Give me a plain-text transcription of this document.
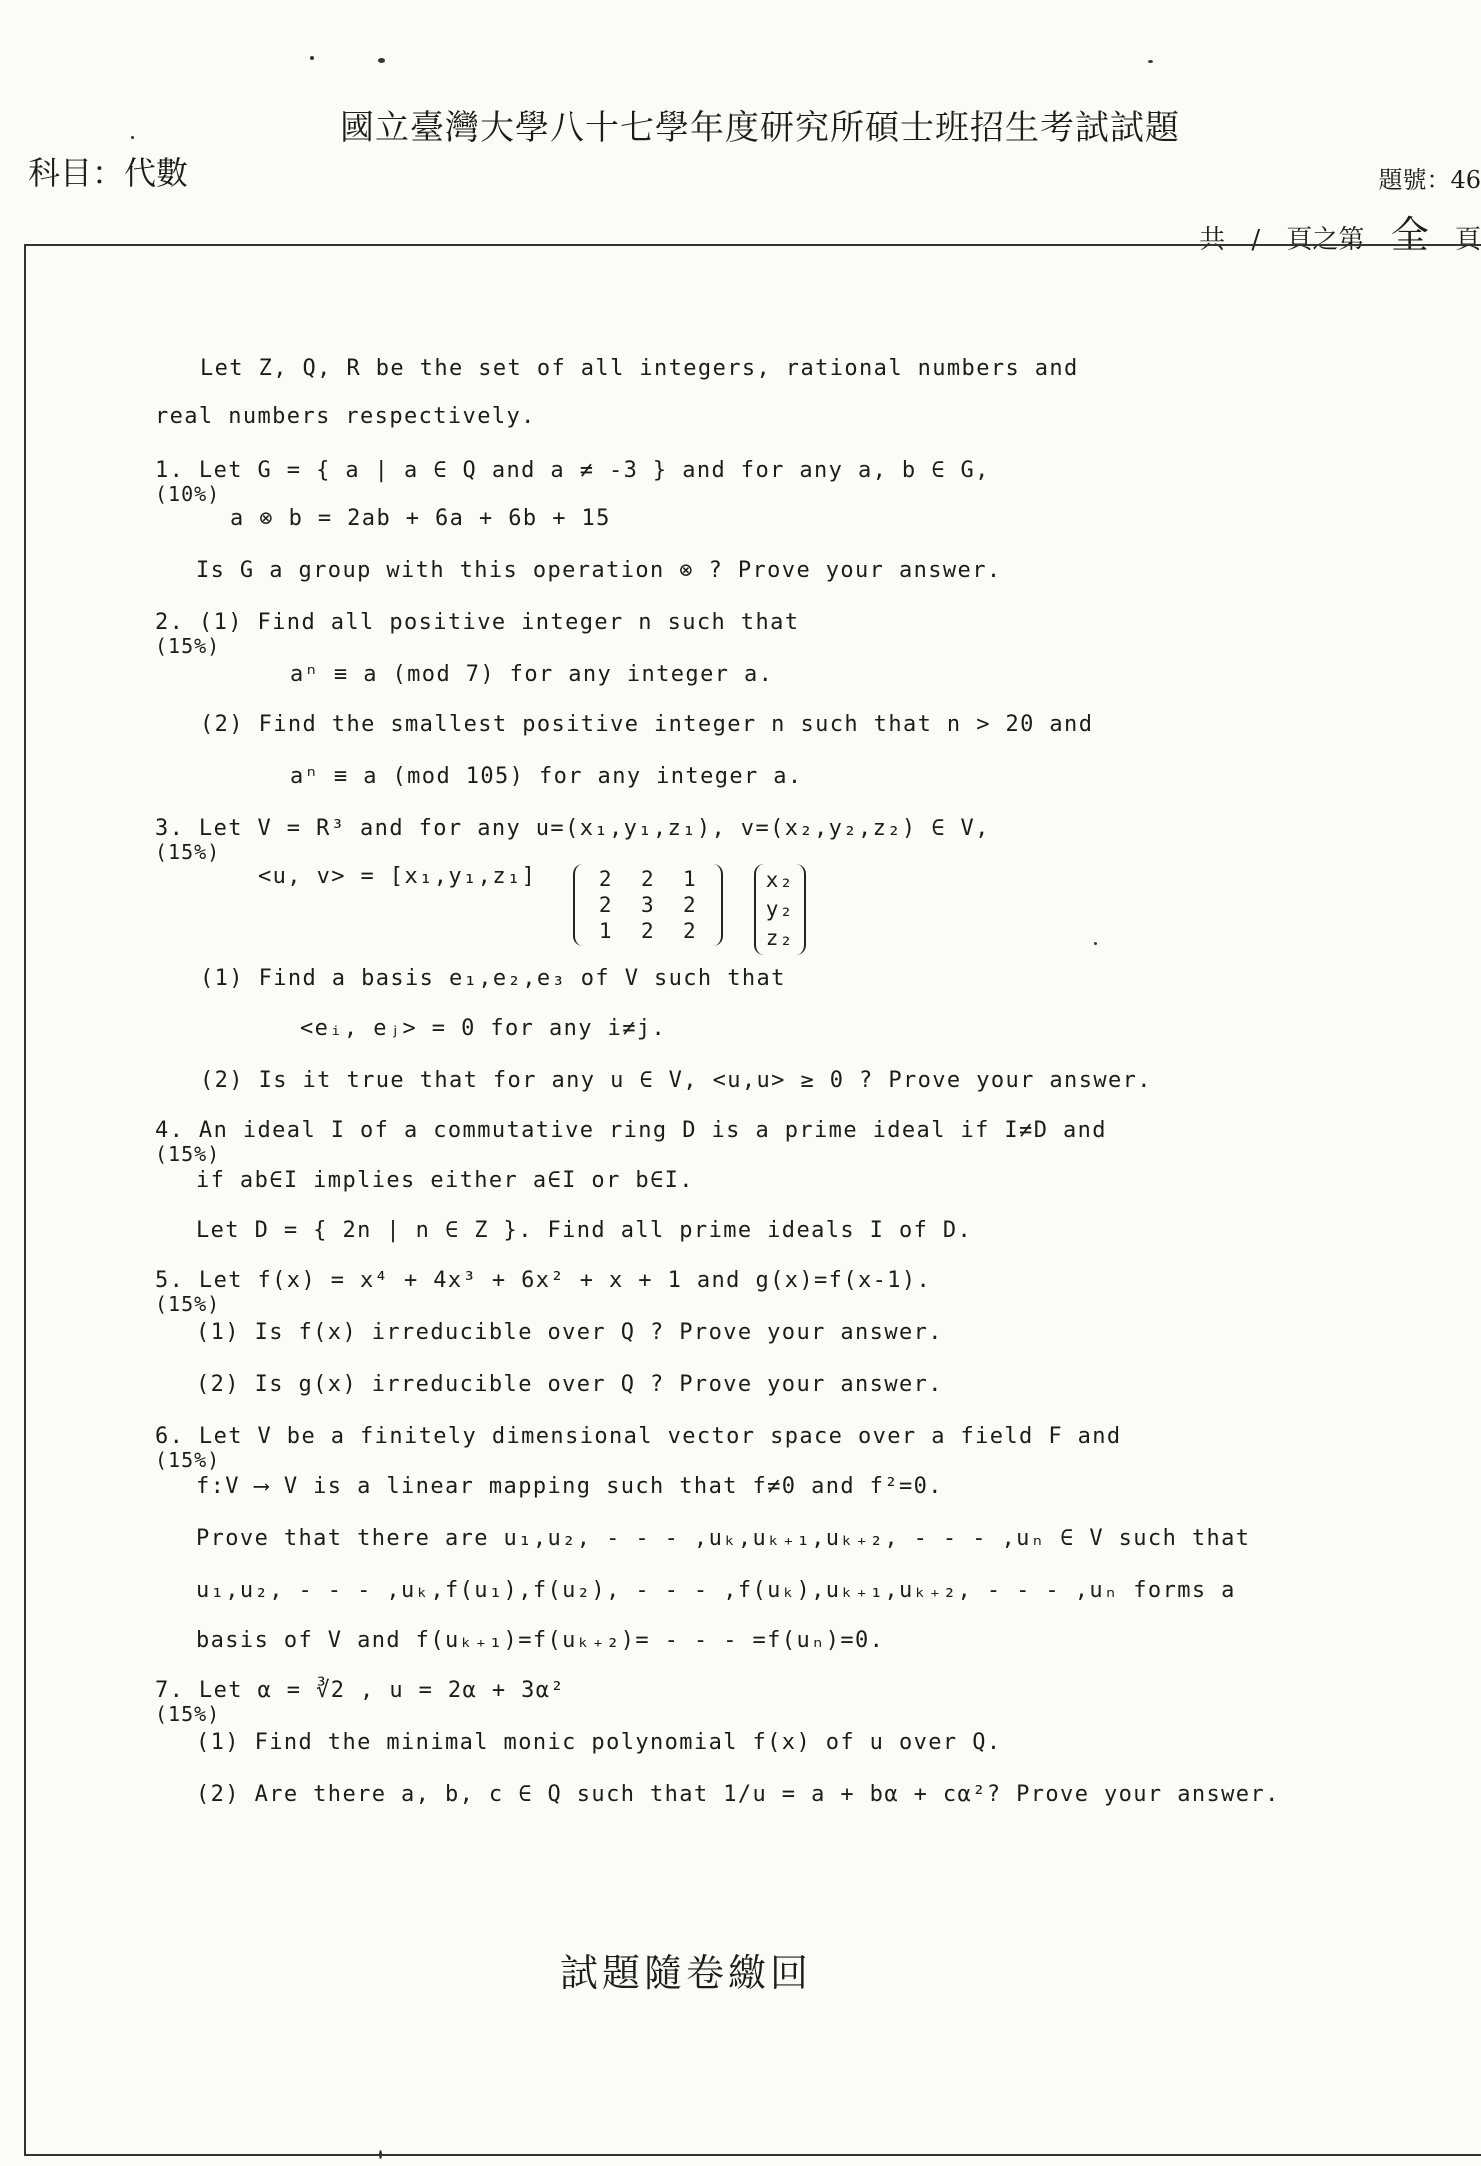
國立臺灣大學八十七學年度研究所碩士班招生考試試題
科目：代數	題號：46
共 / 頁之第 全 頁
Let Z, Q, R be the set of all integers, rational numbers and
real numbers respectively.
1. Let G = { a | a ∈ Q and a ≠ -3 } and for any a, b ∈ G,
(10%)
a ⊗ b = 2ab + 6a + 6b + 15
Is G a group with this operation ⊗ ? Prove your answer.
2. (1) Find all positive integer n such that
(15%)
aⁿ ≡ a (mod 7) for any integer a.
(2) Find the smallest positive integer n such that n > 20 and
aⁿ ≡ a (mod 105) for any integer a.
3. Let V = R³ and for any u=(x₁,y₁,z₁), v=(x₂,y₂,z₂) ∈ V,
(15%)
<u, v> = [x₁,y₁,z₁]	2	2	1
2	3	2
1	2	2

x₂
y₂
z₂
(1) Find a basis e₁,e₂,e₃ of V such that
<eᵢ, eⱼ> = 0 for any i≠j.
(2) Is it true that for any u ∈ V, <u,u> ≥ 0 ? Prove your answer.
4. An ideal I of a commutative ring D is a prime ideal if I≠D and
(15%)
if ab∈I implies either a∈I or b∈I.
Let D = { 2n | n ∈ Z }. Find all prime ideals I of D.
5. Let f(x) = x⁴ + 4x³ + 6x² + x + 1 and g(x)=f(x-1).
(15%)
(1) Is f(x) irreducible over Q ? Prove your answer.
(2) Is g(x) irreducible over Q ? Prove your answer.
6. Let V be a finitely dimensional vector space over a field F and
(15%)
f:V ⟶ V is a linear mapping such that f≠0 and f²=0.
Prove that there are u₁,u₂, - - - ,uₖ,uₖ₊₁,uₖ₊₂, - - - ,uₙ ∈ V such that
u₁,u₂, - - - ,uₖ,f(u₁),f(u₂), - - - ,f(uₖ),uₖ₊₁,uₖ₊₂, - - - ,uₙ forms a
basis of V and f(uₖ₊₁)=f(uₖ₊₂)= - - - =f(uₙ)=0.
7. Let α = ∛2 , u = 2α + 3α²
(15%)
(1) Find the minimal monic polynomial f(x) of u over Q.
(2) Are there a, b, c ∈ Q such that 1/u = a + bα + cα²? Prove your answer.
試題隨卷繳回
